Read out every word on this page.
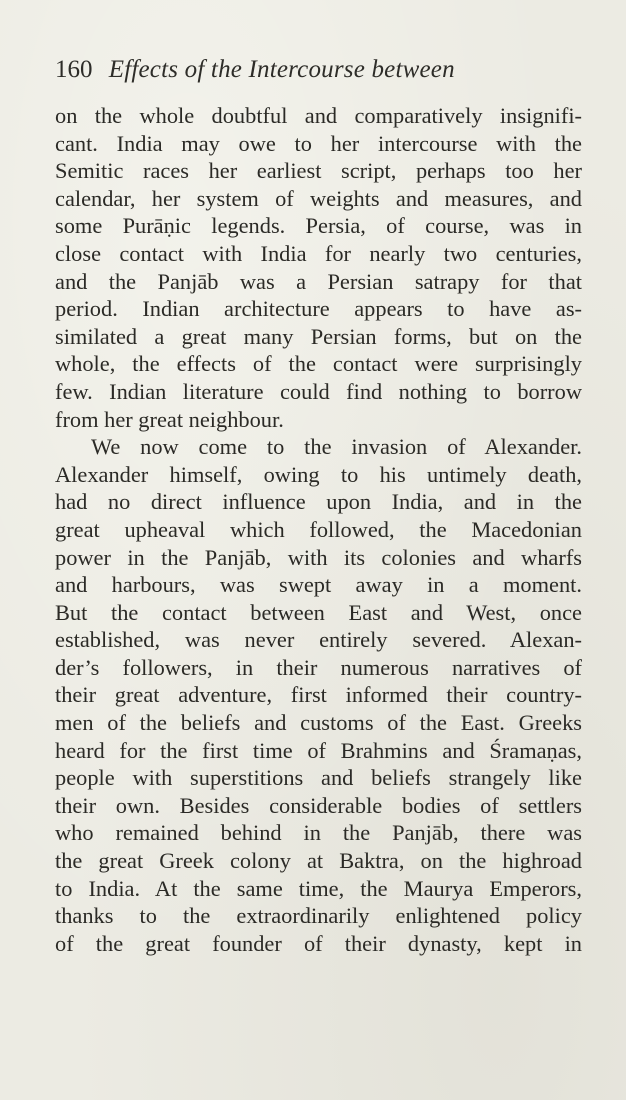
160 Effects of the Intercourse between
on the whole doubtful and comparatively insignifi-
cant. India may owe to her intercourse with the
Semitic races her earliest script, perhaps too her
calendar, her system of weights and measures, and
some Purāṇic legends. Persia, of course, was in
close contact with India for nearly two centuries,
and the Panjāb was a Persian satrapy for that
period. Indian architecture appears to have as-
similated a great many Persian forms, but on the
whole, the effects of the contact were surprisingly
few. Indian literature could find nothing to borrow
from her great neighbour.
We now come to the invasion of Alexander.
Alexander himself, owing to his untimely death,
had no direct influence upon India, and in the
great upheaval which followed, the Macedonian
power in the Panjāb, with its colonies and wharfs
and harbours, was swept away in a moment.
But the contact between East and West, once
established, was never entirely severed. Alexan-
der’s followers, in their numerous narratives of
their great adventure, first informed their country-
men of the beliefs and customs of the East. Greeks
heard for the first time of Brahmins and Śramaṇas,
people with superstitions and beliefs strangely like
their own. Besides considerable bodies of settlers
who remained behind in the Panjāb, there was
the great Greek colony at Baktra, on the highroad
to India. At the same time, the Maurya Emperors,
thanks to the extraordinarily enlightened policy
of the great founder of their dynasty, kept in
